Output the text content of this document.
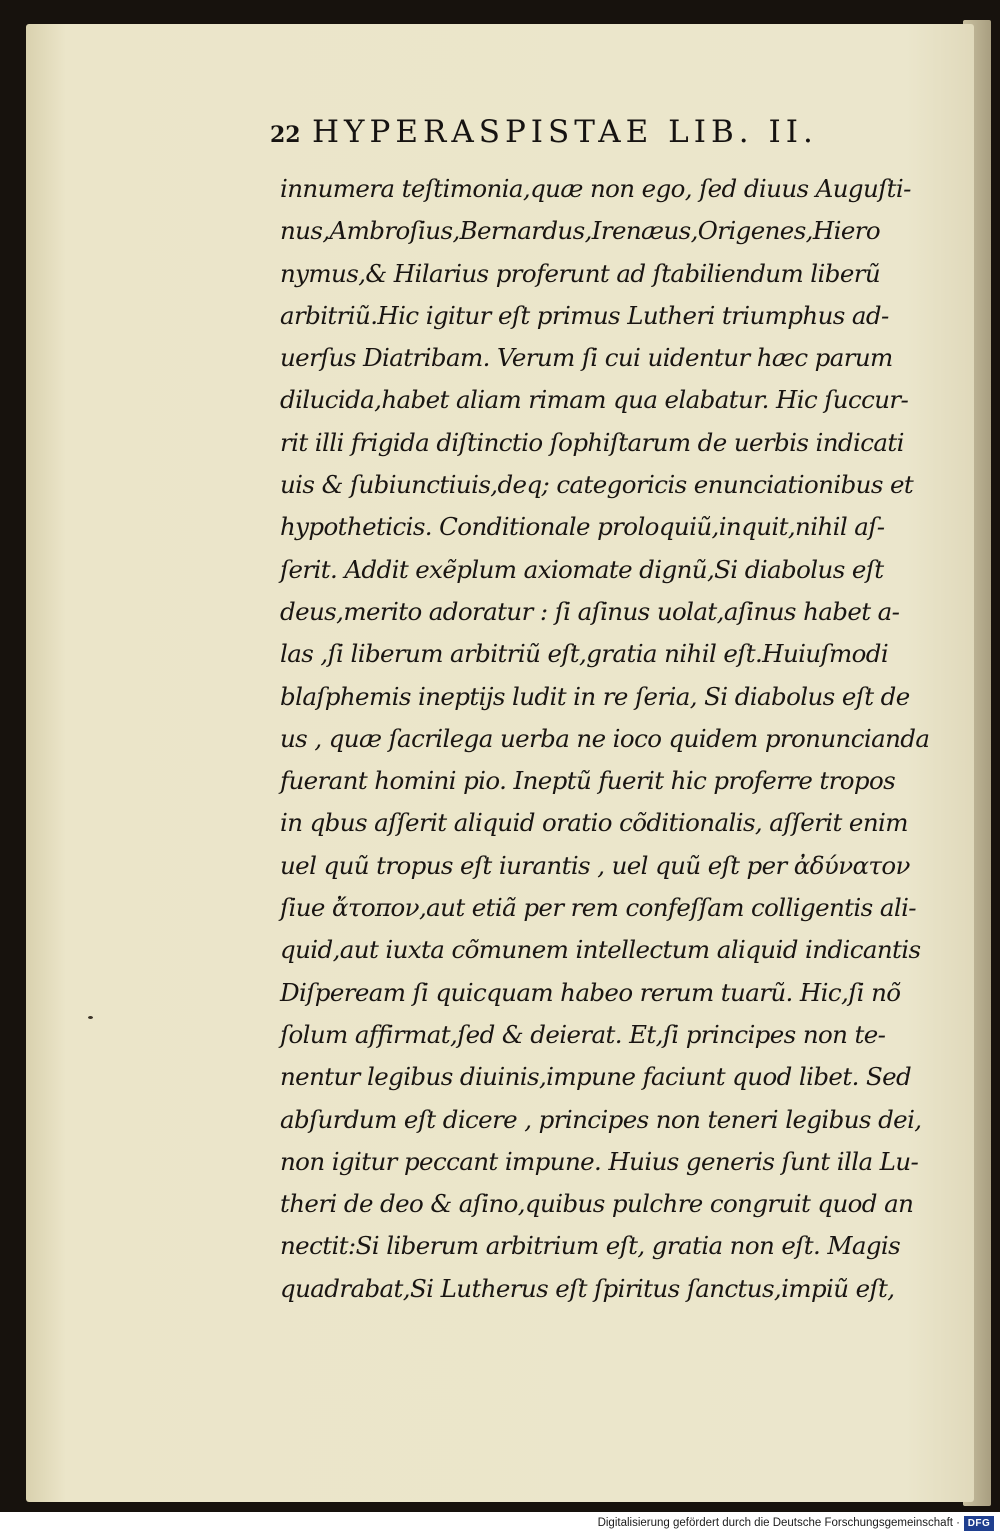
22 HYPERASPISTAE LIB. II.
innumera teſtimonia,quæ non ego, ſed diuus Auguſti-
nus,Ambroſius,Bernardus,Irenæus,Origenes,Hiero
nymus,& Hilarius proferunt ad ſtabiliendum liberũ
arbitriũ.Hic igitur eſt primus Lutheri triumphus ad-
uerſus Diatribam. Verum ſi cui uidentur hæc parum
dilucida,habet aliam rimam qua elabatur. Hic ſuccur-
rit illi frigida diſtinctio ſophiſtarum de uerbis indicati
uis & ſubiunctiuis,deq; categoricis enunciationibus et
hypotheticis. Conditionale proloquiũ,inquit,nihil aſ-
ſerit. Addit exẽplum axiomate dignũ,Si diabolus eſt
deus,merito adoratur : ſi aſinus uolat,aſinus habet a-
las ,ſi liberum arbitriũ eſt,gratia nihil eſt.Huiuſmodi
blaſphemis ineptijs ludit in re ſeria, Si diabolus eſt de
us , quæ ſacrilega uerba ne ioco quidem pronuncianda
fuerant homini pio. Ineptũ fuerit hic proferre tropos
in qbus aſſerit aliquid oratio cõditionalis, aſſerit enim
uel quũ tropus eſt iurantis , uel quũ eſt per ἀδύνατον
ſiue ἄτοπον,aut etiã per rem confeſſam colligentis ali-
quid,aut iuxta cõmunem intellectum aliquid indicantis
Diſpeream ſi quicquam habeo rerum tuarũ. Hic,ſi nõ
ſolum affirmat,ſed & deierat. Et,ſi principes non te-
nentur legibus diuinis,impune faciunt quod libet. Sed
abſurdum eſt dicere , principes non teneri legibus dei,
non igitur peccant impune. Huius generis ſunt illa Lu-
theri de deo & aſino,quibus pulchre congruit quod an
nectit:Si liberum arbitrium eſt, gratia non eſt. Magis
quadrabat,Si Lutherus eſt ſpiritus ſanctus,impiũ eſt,
Digitalisierung gefördert durch die Deutsche Forschungsgemeinschaft · DFG
